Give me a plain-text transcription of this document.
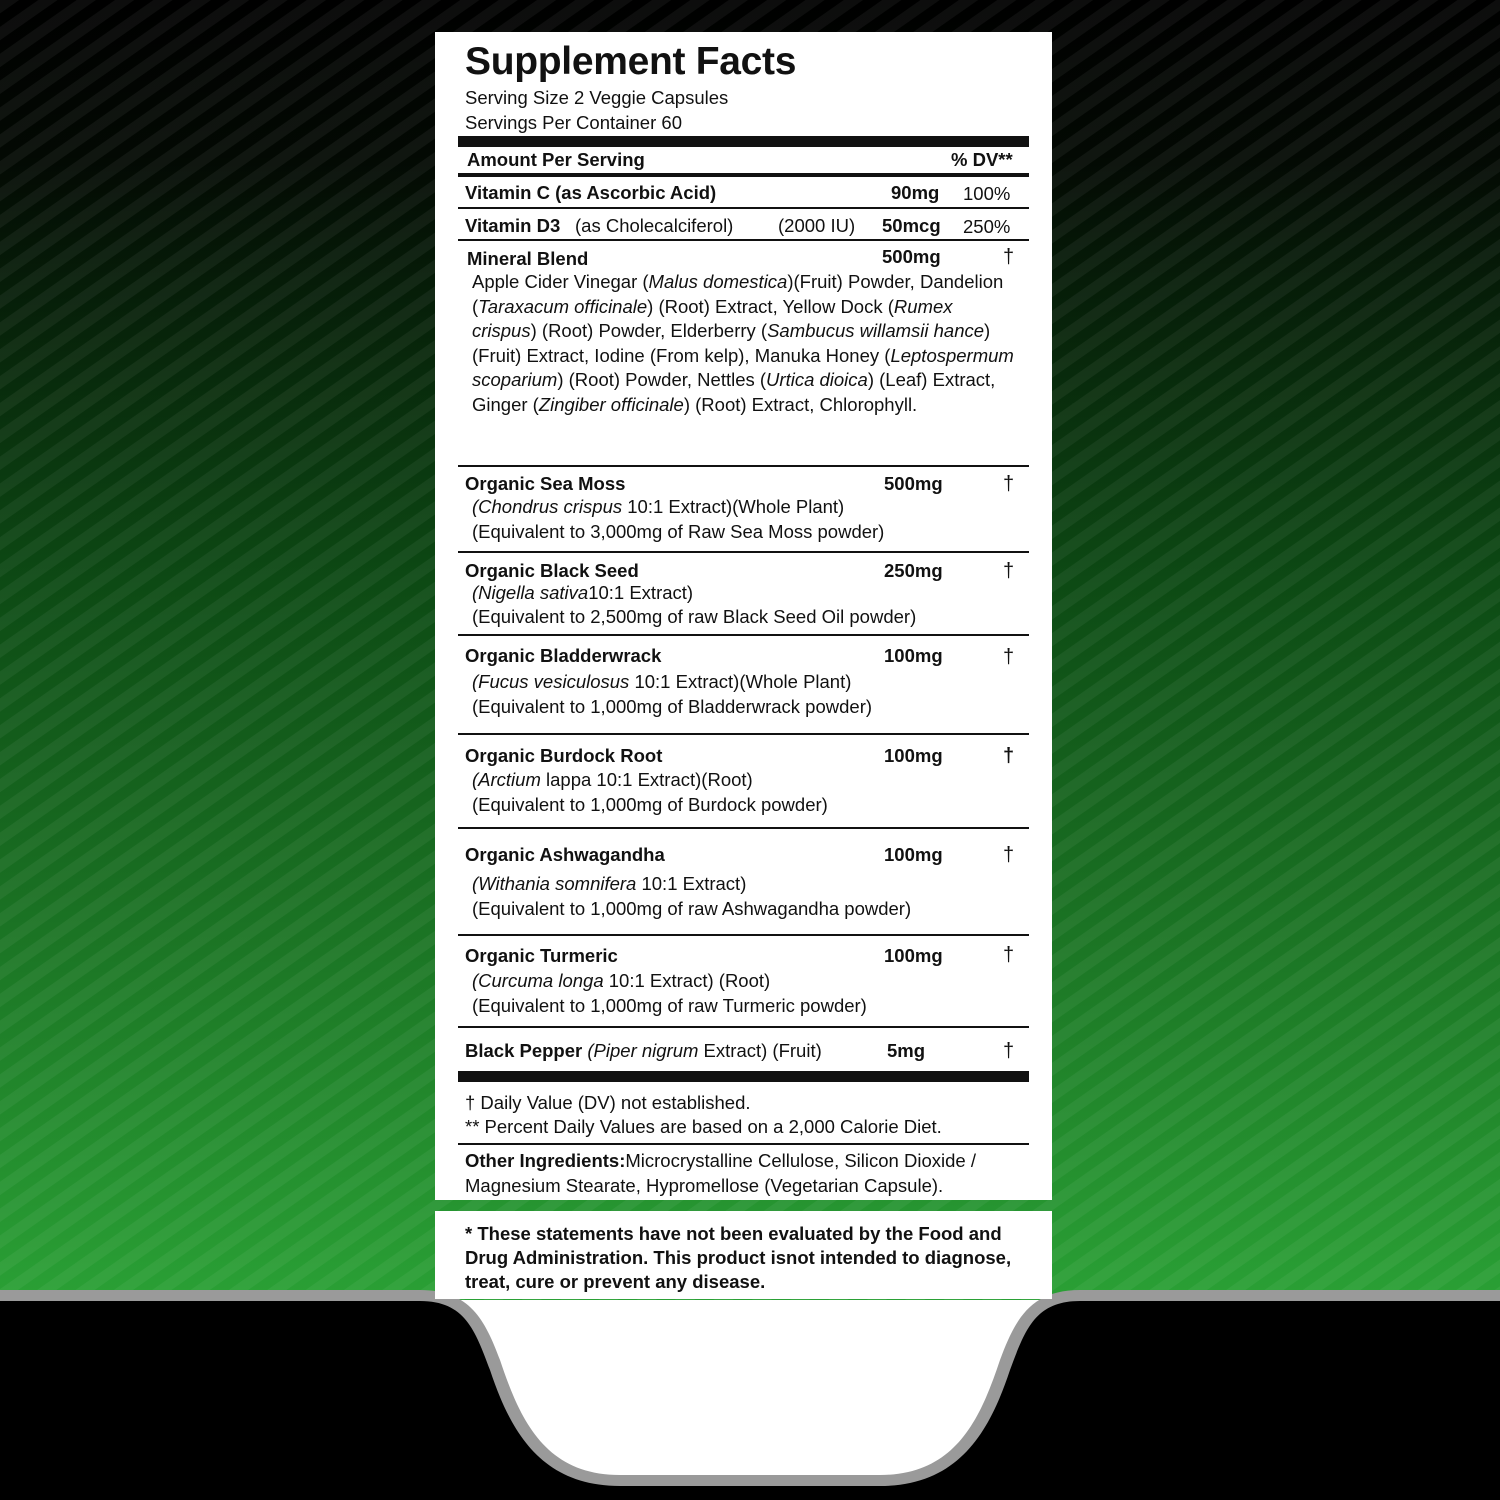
Supplement Facts
Serving Size 2 Veggie Capsules
Servings Per Container 60
Amount Per Serving	% DV**
Vitamin C (as Ascorbic Acid)	90mg 100%
Vitamin D3 (as Cholecalciferol) (2000 IU) 50mcg 250%
Mineral Blend	500mg	†
Apple Cider Vinegar (Malus domestica)(Fruit) Powder, Dandelion (Taraxacum officinale) (Root) Extract, Yellow Dock (Rumex crispus) (Root) Powder, Elderberry (Sambucus willamsii hance) (Fruit) Extract, Iodine (From kelp), Manuka Honey (Leptospermum scoparium) (Root) Powder, Nettles (Urtica dioica) (Leaf) Extract, Ginger (Zingiber officinale) (Root) Extract, Chlorophyll.
Organic Sea Moss	500mg	†
(Chondrus crispus 10:1 Extract)(Whole Plant)
(Equivalent to 3,000mg of Raw Sea Moss powder)
Organic Black Seed	250mg	†
(Nigella sativa10:1 Extract)
(Equivalent to 2,500mg of raw Black Seed Oil powder)
Organic Bladderwrack	100mg	†
(Fucus vesiculosus 10:1 Extract)(Whole Plant)
(Equivalent to 1,000mg of Bladderwrack powder)
Organic Burdock Root	100mg	†
(Arctium lappa 10:1 Extract)(Root)
(Equivalent to 1,000mg of Burdock powder)
Organic Ashwagandha	100mg	†
(Withania somnifera 10:1 Extract)
(Equivalent to 1,000mg of raw Ashwagandha powder)
Organic Turmeric	100mg	†
(Curcuma longa 10:1 Extract) (Root)
(Equivalent to 1,000mg of raw Turmeric powder)
Black Pepper (Piper nigrum Extract) (Fruit)	5mg	†
† Daily Value (DV) not established.
** Percent Daily Values are based on a 2,000 Calorie Diet.
Other Ingredients:Microcrystalline Cellulose, Silicon Dioxide / Magnesium Stearate, Hypromellose (Vegetarian Capsule).
* These statements have not been evaluated by the Food and Drug Administration. This product isnot intended to diagnose, treat, cure or prevent any disease.
